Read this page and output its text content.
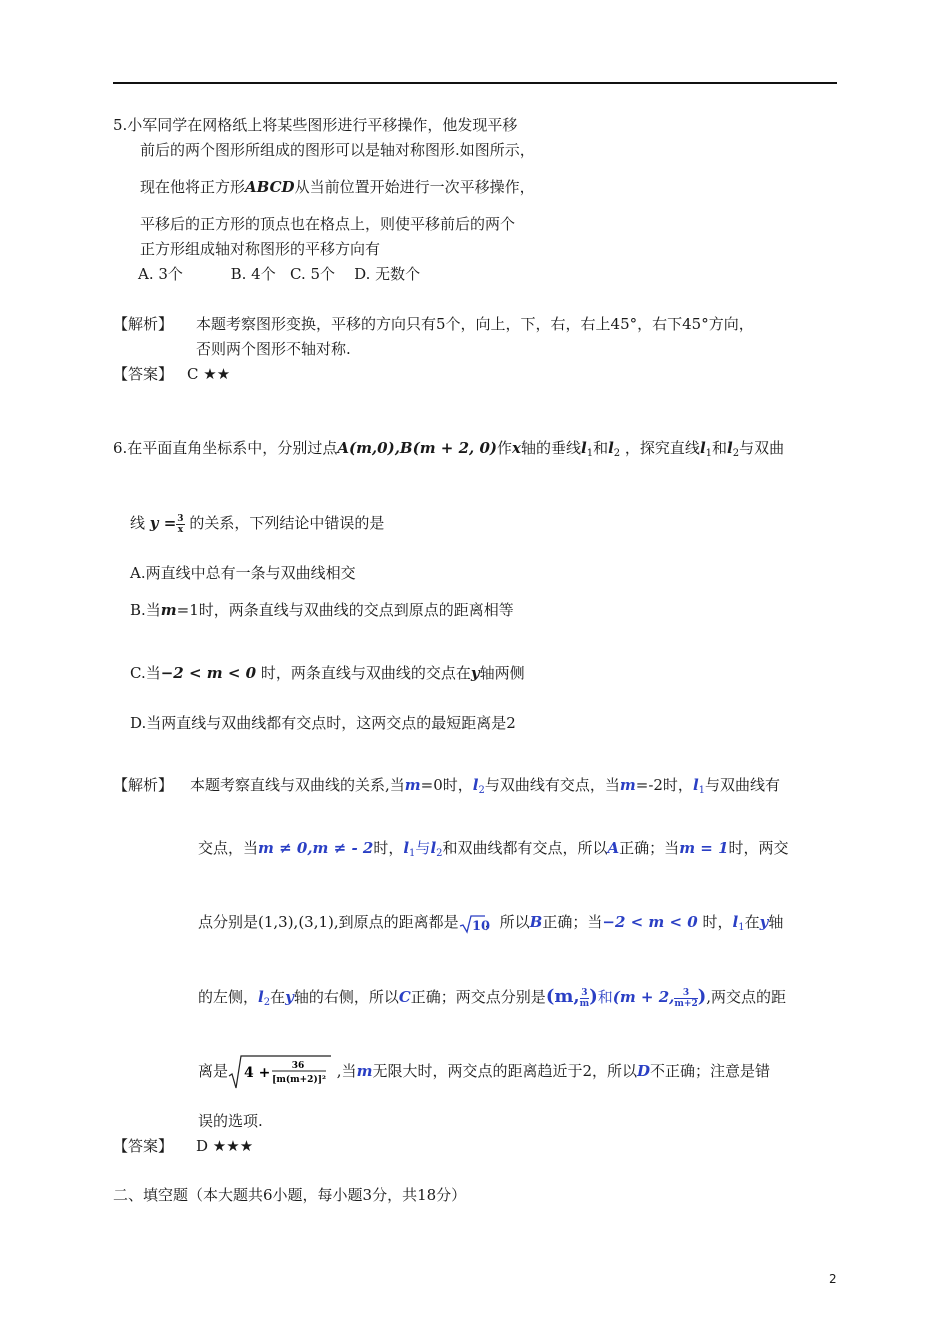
5.小军同学在网格纸上将某些图形进行平移操作，他发现平移
前后的两个图形所组成的图形可以是轴对称图形.如图所示，
现在他将正方形ABCD从当前位置开始进行一次平移操作，
平移后的正方形的顶点也在格点上，则使平移前后的两个
正方形组成轴对称图形的平移方向有
A. 3个          B. 4个   C. 5个    D. 无数个
【解析】 本题考察图形变换，平移的方向只有5个，向上，下，右，右上45°，右下45°方向，
否则两个图形不轴对称.
【答案】 C ★★
6.在平面直角坐标系中，分别过点A(m,0),B(m + 2, 0)作x轴的垂线$l_1$和$l_2$ ，探究直线$l_1$和$l_2$与双曲
线 $y = \frac{3}{x}$ 的关系，下列结论中错误的是
A.两直线中总有一条与双曲线相交
B.当m=1时，两条直线与双曲线的交点到原点的距离相等
C.当−2 < m < 0 时，两条直线与双曲线的交点在y轴两侧
D.当两直线与双曲线都有交点时，这两交点的最短距离是2
【解析】 本题考察直线与双曲线的关系,当m=0时，$l_2$与双曲线有交点，当m=-2时，$l_1$与双曲线有
交点，当m ≠ 0,m ≠ - 2时，$l_1$与$l_2$和双曲线都有交点，所以A正确；当m = 1时，两交
点分别是(1,3),(3,1),到原点的距离都是 10
，所以B正确；当−2 < m < 0 时，$l_1$在y轴
的左侧，$l_2$在y轴的右侧，所以C正确；两交点分别是(m, $\frac{3}{m}$ )和(m + 2, $\frac{3}{m+2}$ ),两交点的距
离是 4 + 36
[m(m+2)]² ,当m无限大时，两交点的距离趋近于2，所以D不正确；注意是错
误的选项.
【答案】 D ★★★
二、填空题（本大题共6小题，每小题3分，共18分）
2
